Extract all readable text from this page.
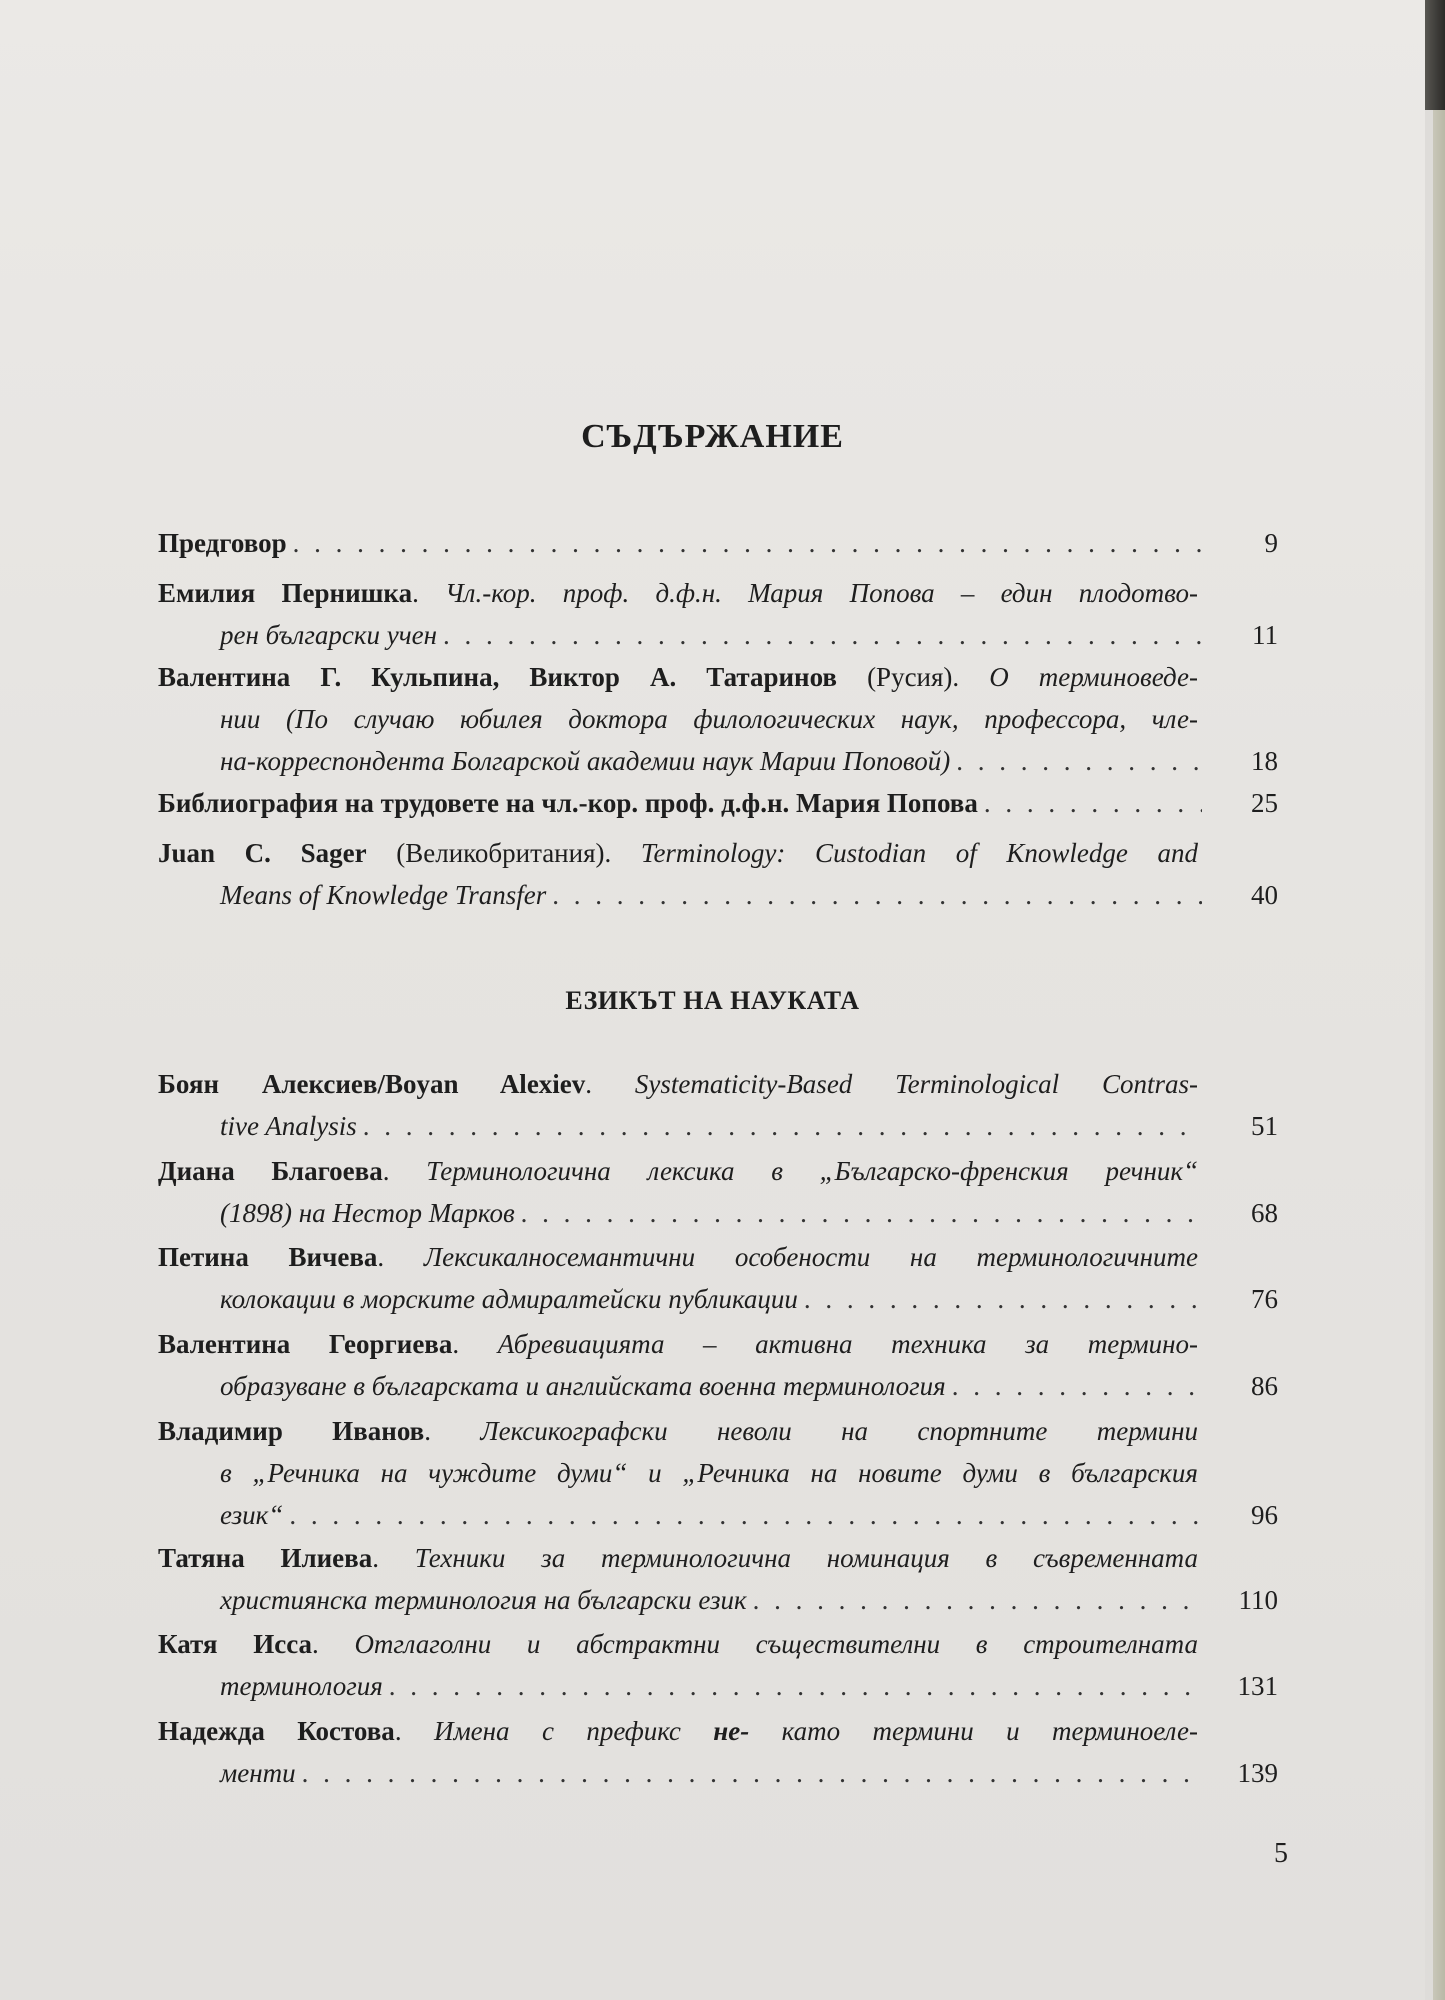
СЪДЪРЖАНИЕ
Предговор . . .	9
Емилия Пернишка. Чл.-кор. проф. д.ф.н. Мария Попова – един плодотво-
рен български учен . . .	11
Валентина Г. Кульпина, Виктор А. Татаринов (Русия). О терминоведе-
нии (По случаю юбилея доктора филологических наук, профессора, чле-
на-корреспондента Болгарской академии наук Марии Поповой) . . .	18
Библиография на трудовете на чл.-кор. проф. д.ф.н. Мария Попова . . .	25
Juan C. Sager (Великобритания). Terminology: Custodian of Knowledge and
Means of Knowledge Transfer . . .	40
ЕЗИКЪТ НА НАУКАТА
Боян Алексиев/Boyan Alexiev. Systematicity-Based Terminological Contras-
tive Analysis . . .	51
Диана Благоева. Терминологична лексика в „Българско-френския речник“
(1898) на Нестор Марков . . .	68
Петина Вичева. Лексикалносемантични особености на терминологичните
колокации в морските адмиралтейски публикации . . .	76
Валентина Георгиева. Абревиацията – активна техника за термино-
образуване в българската и английската военна терминология . . .	86
Владимир Иванов. Лексикографски неволи на спортните термини
в „Речника на чуждите думи“ и „Речника на новите думи в българския
език“ . . .	96
Татяна Илиева. Техники за терминологична номинация в съвременната
християнска терминология на български език . . .	110
Катя Исса. Отглаголни и абстрактни съществителни в строителната
терминология . . .	131
Надежда Костова. Имена с префикс не- като термини и терминоеле-
менти . . .	139
5
